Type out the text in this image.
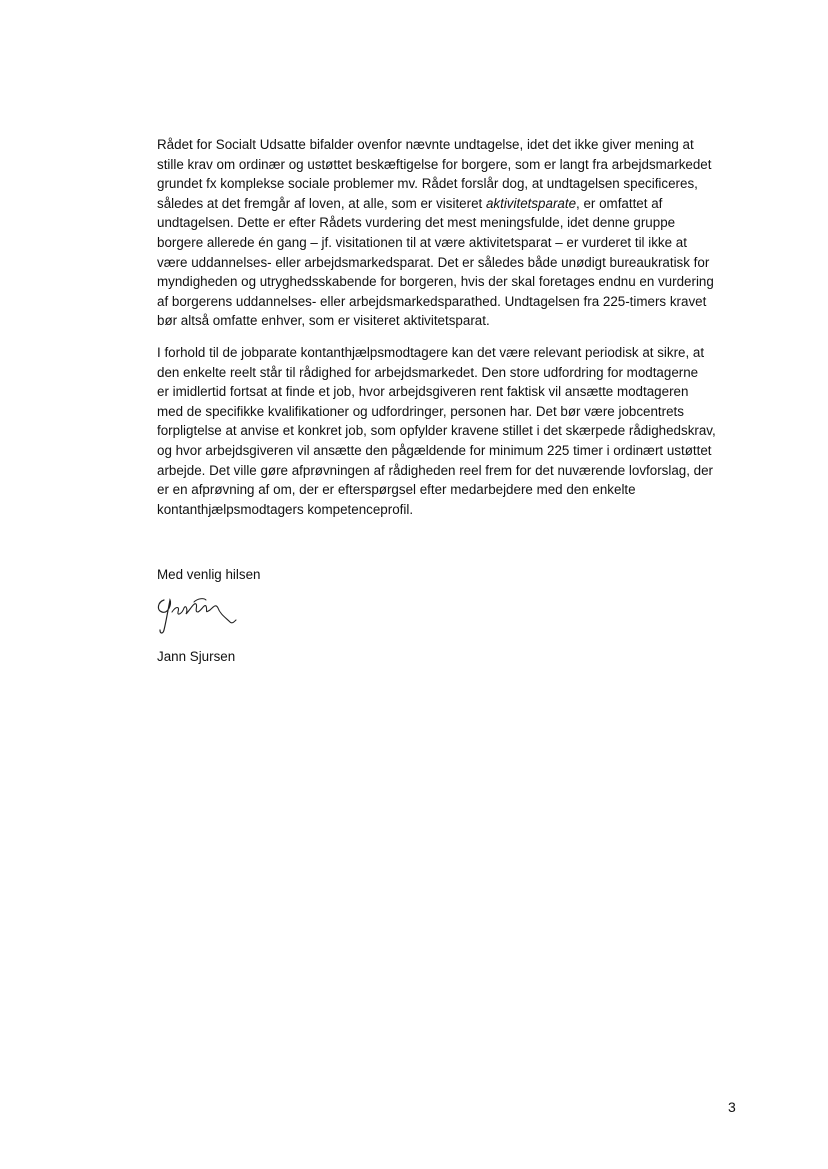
Rådet for Socialt Udsatte bifalder ovenfor nævnte undtagelse, idet det ikke giver mening at
stille krav om ordinær og ustøttet beskæftigelse for borgere, som er langt fra arbejdsmarkedet
grundet fx komplekse sociale problemer mv. Rådet forslår dog, at undtagelsen specificeres,
således at det fremgår af loven, at alle, som er visiteret aktivitetsparate, er omfattet af
undtagelsen. Dette er efter Rådets vurdering det mest meningsfulde, idet denne gruppe
borgere allerede én gang – jf. visitationen til at være aktivitetsparat – er vurderet til ikke at
være uddannelses- eller arbejdsmarkedsparat. Det er således både unødigt bureaukratisk for
myndigheden og utryghedsskabende for borgeren, hvis der skal foretages endnu en vurdering
af borgerens uddannelses- eller arbejdsmarkedsparathed. Undtagelsen fra 225-timers kravet
bør altså omfatte enhver, som er visiteret aktivitetsparat.
I forhold til de jobparate kontanthjælpsmodtagere kan det være relevant periodisk at sikre, at
den enkelte reelt står til rådighed for arbejdsmarkedet. Den store udfordring for modtagerne
er imidlertid fortsat at finde et job, hvor arbejdsgiveren rent faktisk vil ansætte modtageren
med de specifikke kvalifikationer og udfordringer, personen har. Det bør være jobcentrets
forpligtelse at anvise et konkret job, som opfylder kravene stillet i det skærpede rådighedskrav,
og hvor arbejdsgiveren vil ansætte den pågældende for minimum 225 timer i ordinært ustøttet
arbejde. Det ville gøre afprøvningen af rådigheden reel frem for det nuværende lovforslag, der
er en afprøvning af om, der er efterspørgsel efter medarbejdere med den enkelte
kontanthjælpsmodtagers kompetenceprofil.
Med venlig hilsen
Jann Sjursen
3
